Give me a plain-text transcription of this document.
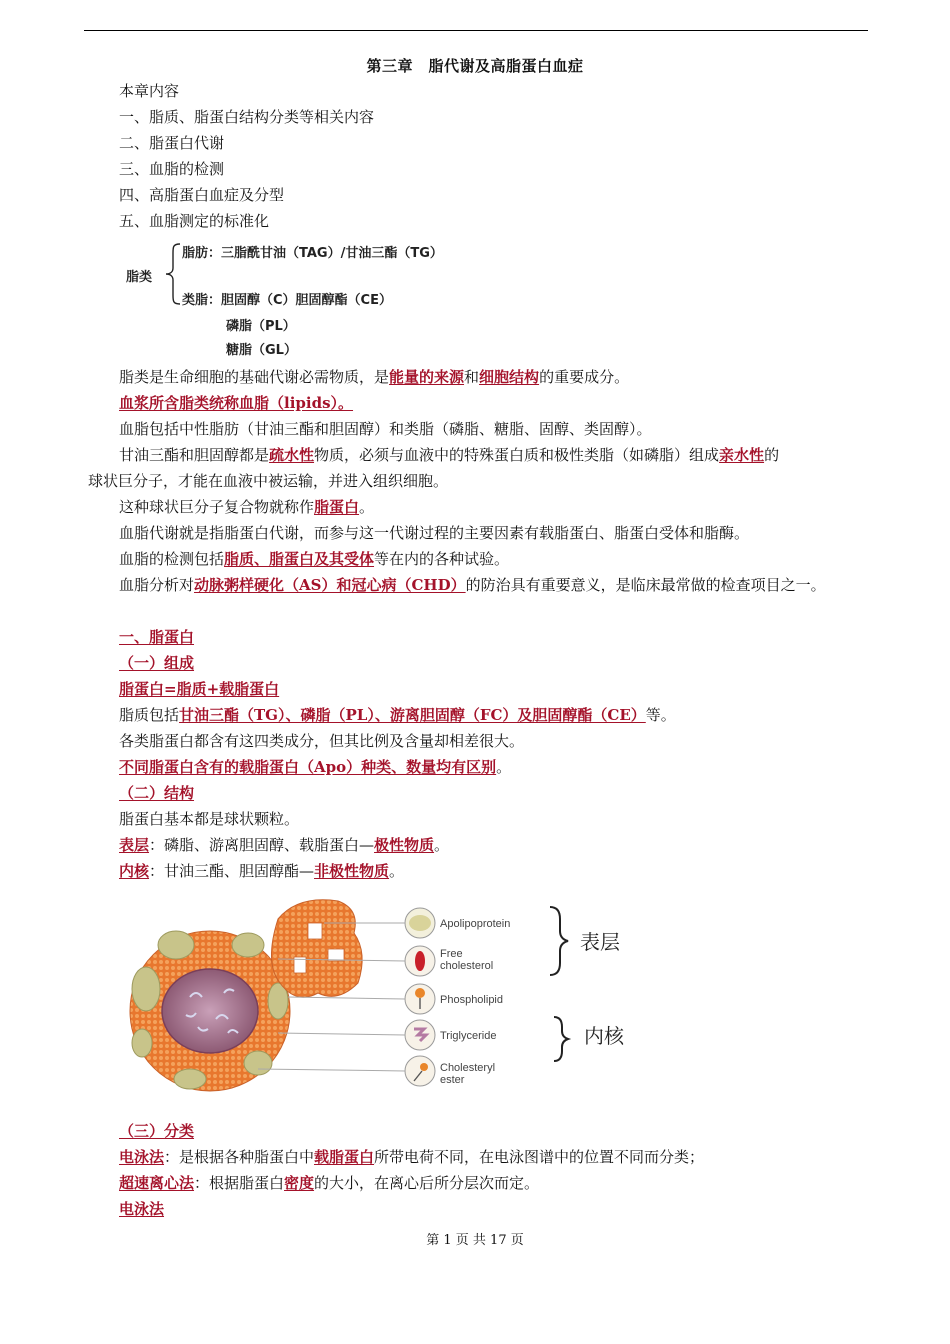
第三章　脂代谢及高脂蛋白血症
本章内容
一、脂质、脂蛋白结构分类等相关内容
二、脂蛋白代谢
三、血脂的检测
四、高脂蛋白血症及分型
五、血脂测定的标准化
脂类
脂肪：三脂酰甘油（TAG）/甘油三酯（TG）
类脂：胆固醇（C）胆固醇酯（CE）
磷脂（PL）
糖脂（GL）
脂类是生命细胞的基础代谢必需物质，是能量的来源和细胞结构的重要成分。
血浆所含脂类统称血脂（lipids）。
血脂包括中性脂肪（甘油三酯和胆固醇）和类脂（磷脂、糖脂、固醇、类固醇）。
甘油三酯和胆固醇都是疏水性物质，必须与血液中的特殊蛋白质和极性类脂（如磷脂）组成亲水性的
球状巨分子，才能在血液中被运输，并进入组织细胞。
这种球状巨分子复合物就称作脂蛋白。
血脂代谢就是指脂蛋白代谢，而参与这一代谢过程的主要因素有载脂蛋白、脂蛋白受体和脂酶。
血脂的检测包括脂质、脂蛋白及其受体等在内的各种试验。
血脂分析对动脉粥样硬化（AS）和冠心病（CHD）的防治具有重要意义，是临床最常做的检查项目之一。
一、脂蛋白
（一）组成
脂蛋白=脂质+载脂蛋白
脂质包括甘油三酯（TG）、磷脂（PL）、游离胆固醇（FC）及胆固醇酯（CE）等。
各类脂蛋白都含有这四类成分，但其比例及含量却相差很大。
不同脂蛋白含有的载脂蛋白（Apo）种类、数量均有区别。
（二）结构
脂蛋白基本都是球状颗粒。
表层：磷脂、游离胆固醇、载脂蛋白—极性物质。
内核：甘油三酯、胆固醇酯—非极性物质。
Apolipoprotein
Free
cholesterol
Phospholipid
Triglyceride
Cholesteryl
ester
表层
内核
（三）分类
电泳法：是根据各种脂蛋白中载脂蛋白所带电荷不同，在电泳图谱中的位置不同而分类；
超速离心法：根据脂蛋白密度的大小，在离心后所分层次而定。
电泳法
第 1 页 共 17 页
